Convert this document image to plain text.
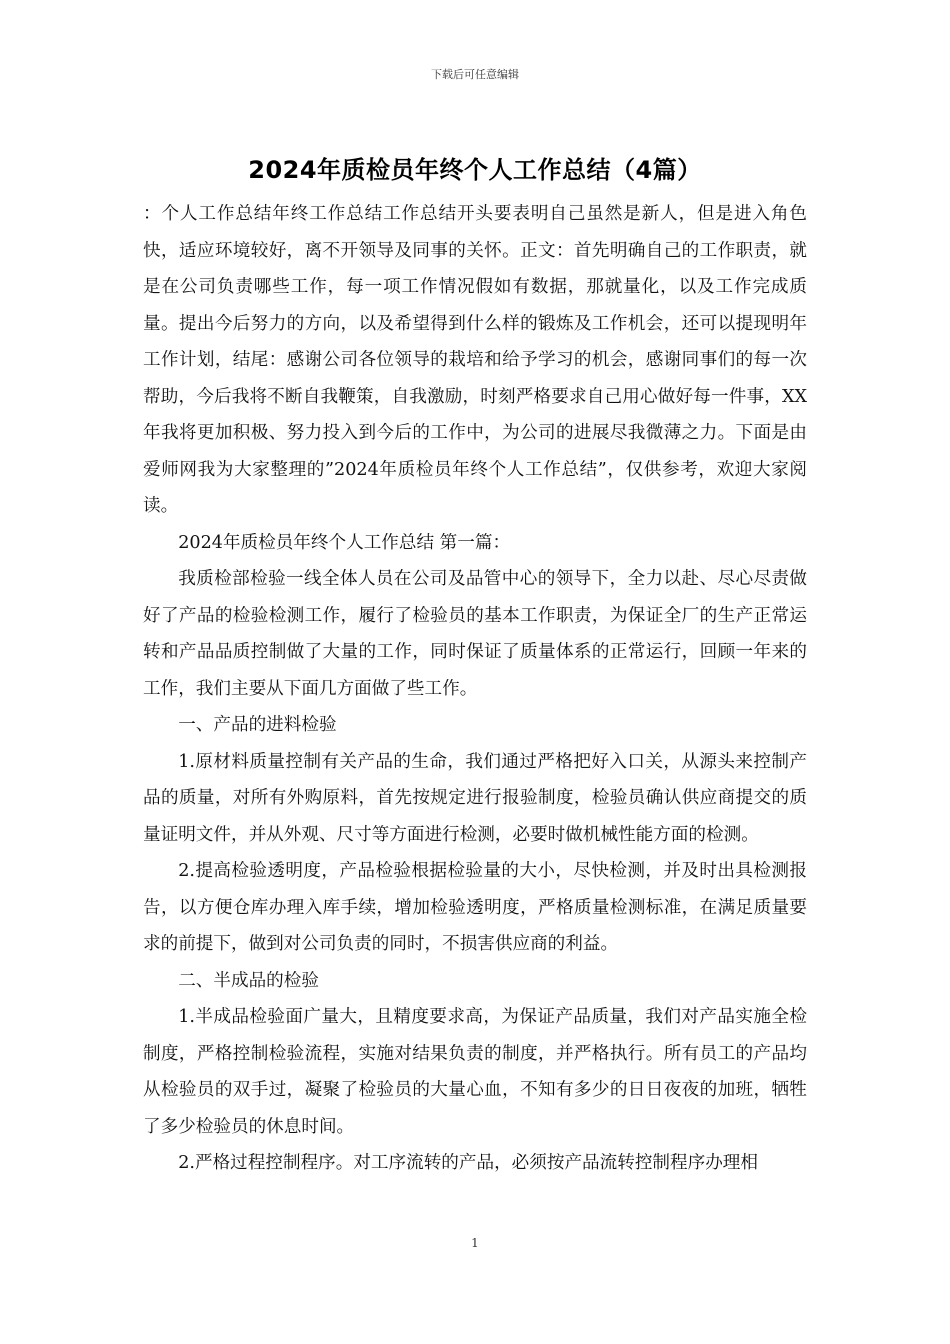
下载后可任意编辑
2024年质检员年终个人工作总结（4篇）

：个人工作总结年终工作总结工作总结开头要表明自己虽然是新人，但是进入角色快，适应环境较好，离不开领导及同事的关怀。正文：首先明确自己的工作职责，就是在公司负责哪些工作，每一项工作情况假如有数据，那就量化，以及工作完成质量。提出今后努力的方向，以及希望得到什么样的锻炼及工作机会，还可以提现明年工作计划，结尾：感谢公司各位领导的栽培和给予学习的机会，感谢同事们的每一次帮助，今后我将不断自我鞭策，自我激励，时刻严格要求自己用心做好每一件事，XX年我将更加积极、努力投入到今后的工作中，为公司的进展尽我微薄之力。下面是由爱师网我为大家整理的”2024年质检员年终个人工作总结”，仅供参考，欢迎大家阅读。

2024年质检员年终个人工作总结 第一篇：

我质检部检验一线全体人员在公司及品管中心的领导下，全力以赴、尽心尽责做好了产品的检验检测工作，履行了检验员的基本工作职责，为保证全厂的生产正常运转和产品品质控制做了大量的工作，同时保证了质量体系的正常运行，回顾一年来的工作，我们主要从下面几方面做了些工作。

一、产品的进料检验

1.原材料质量控制有关产品的生命，我们通过严格把好入口关，从源头来控制产品的质量，对所有外购原料，首先按规定进行报验制度，检验员确认供应商提交的质量证明文件，并从外观、尺寸等方面进行检测，必要时做机械性能方面的检测。

2.提高检验透明度，产品检验根据检验量的大小，尽快检测，并及时出具检测报告，以方便仓库办理入库手续，增加检验透明度，严格质量检测标准，在满足质量要求的前提下，做到对公司负责的同时，不损害供应商的利益。

二、半成品的检验

1.半成品检验面广量大，且精度要求高，为保证产品质量，我们对产品实施全检制度，严格控制检验流程，实施对结果负责的制度，并严格执行。所有员工的产品均从检验员的双手过，凝聚了检验员的大量心血，不知有多少的日日夜夜的加班，牺牲了多少检验员的休息时间。

2.严格过程控制程序。对工序流转的产品，必须按产品流转控制程序办理相

1
